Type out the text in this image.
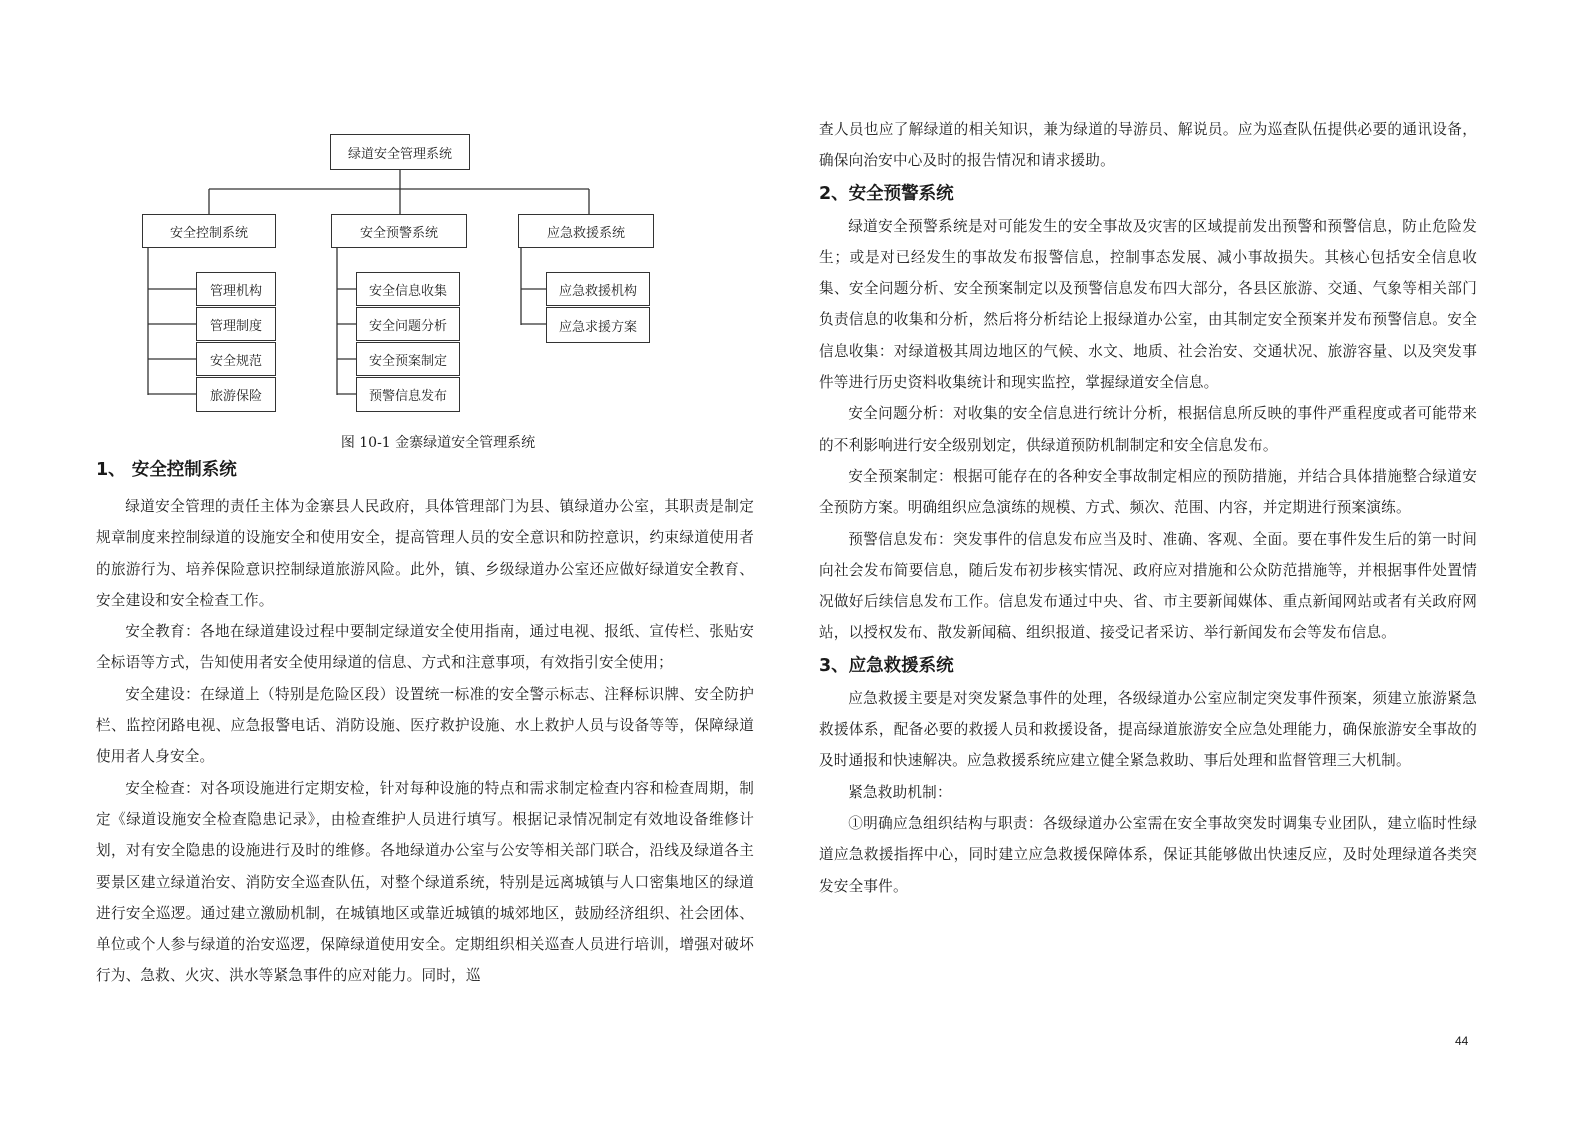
绿道安全管理系统
安全控制系统	安全预警系统	应急救援系统
管理机构
管理制度
安全规范
旅游保险
安全信息收集
安全问题分析
安全预案制定
预警信息发布
应急救援机构
应急求援方案
图 10-1 金寨绿道安全管理系统
1、 安全控制系统

绿道安全管理的责任主体为金寨县人民政府，具体管理部门为县、镇绿道办公室，其职责是制定规章制度来控制绿道的设施安全和使用安全，提高管理人员的安全意识和防控意识，约束绿道使用者的旅游行为、培养保险意识控制绿道旅游风险。此外，镇、乡级绿道办公室还应做好绿道安全教育、安全建设和安全检查工作。

安全教育：各地在绿道建设过程中要制定绿道安全使用指南，通过电视、报纸、宣传栏、张贴安全标语等方式，告知使用者安全使用绿道的信息、方式和注意事项，有效指引安全使用；

安全建设：在绿道上（特别是危险区段）设置统一标准的安全警示标志、注释标识牌、安全防护栏、监控闭路电视、应急报警电话、消防设施、医疗救护设施、水上救护人员与设备等等，保障绿道使用者人身安全。

安全检查：对各项设施进行定期安检，针对每种设施的特点和需求制定检查内容和检查周期，制定《绿道设施安全检查隐患记录》，由检查维护人员进行填写。根据记录情况制定有效地设备维修计划，对有安全隐患的设施进行及时的维修。各地绿道办公室与公安等相关部门联合，沿线及绿道各主要景区建立绿道治安、消防安全巡查队伍，对整个绿道系统，特别是远离城镇与人口密集地区的绿道进行安全巡逻。通过建立激励机制，在城镇地区或靠近城镇的城郊地区，鼓励经济组织、社会团体、单位或个人参与绿道的治安巡逻，保障绿道使用安全。定期组织相关巡查人员进行培训，增强对破坏行为、急救、火灾、洪水等紧急事件的应对能力。同时，巡

查人员也应了解绿道的相关知识，兼为绿道的导游员、解说员。应为巡查队伍提供必要的通讯设备，确保向治安中心及时的报告情况和请求援助。

2、安全预警系统

绿道安全预警系统是对可能发生的安全事故及灾害的区域提前发出预警和预警信息，防止危险发生；或是对已经发生的事故发布报警信息，控制事态发展、减小事故损失。其核心包括安全信息收集、安全问题分析、安全预案制定以及预警信息发布四大部分，各县区旅游、交通、气象等相关部门负责信息的收集和分析，然后将分析结论上报绿道办公室，由其制定安全预案并发布预警信息。安全信息收集：对绿道极其周边地区的气候、水文、地质、社会治安、交通状况、旅游容量、以及突发事件等进行历史资料收集统计和现实监控，掌握绿道安全信息。

安全问题分析：对收集的安全信息进行统计分析，根据信息所反映的事件严重程度或者可能带来的不利影响进行安全级别划定，供绿道预防机制制定和安全信息发布。

安全预案制定：根据可能存在的各种安全事故制定相应的预防措施，并结合具体措施整合绿道安全预防方案。明确组织应急演练的规模、方式、频次、范围、内容，并定期进行预案演练。

预警信息发布：突发事件的信息发布应当及时、准确、客观、全面。要在事件发生后的第一时间向社会发布简要信息，随后发布初步核实情况、政府应对措施和公众防范措施等，并根据事件处置情况做好后续信息发布工作。信息发布通过中央、省、市主要新闻媒体、重点新闻网站或者有关政府网站，以授权发布、散发新闻稿、组织报道、接受记者采访、举行新闻发布会等发布信息。

3、应急救援系统

应急救援主要是对突发紧急事件的处理，各级绿道办公室应制定突发事件预案，须建立旅游紧急救援体系，配备必要的救援人员和救援设备，提高绿道旅游安全应急处理能力，确保旅游安全事故的及时通报和快速解决。应急救援系统应建立健全紧急救助、事后处理和监督管理三大机制。

紧急救助机制：

①明确应急组织结构与职责：各级绿道办公室需在安全事故突发时调集专业团队，建立临时性绿道应急救援指挥中心，同时建立应急救援保障体系，保证其能够做出快速反应，及时处理绿道各类突发安全事件。

44
